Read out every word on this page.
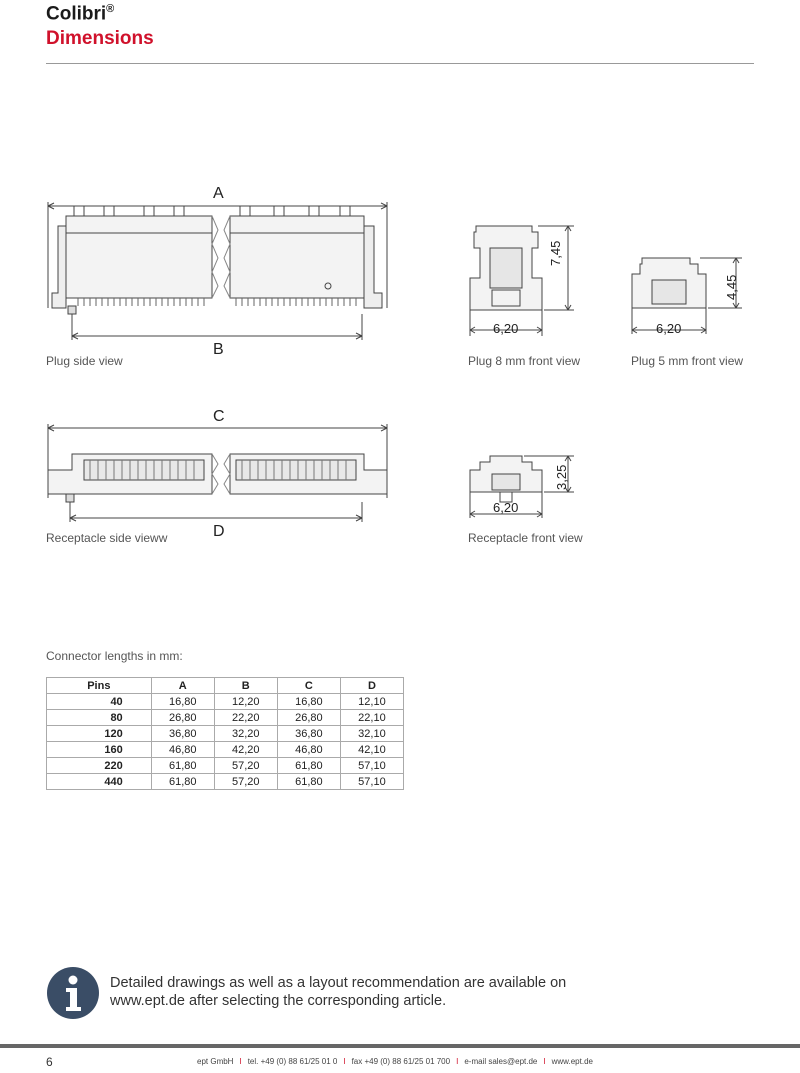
Colibri®
Dimensions
A
B
Plug side view
6,20
7,45
Plug 8 mm front view
6,20
4,45
Plug 5 mm front view
C
D
Receptacle side vieww
6,20
3,25
Receptacle front view
Connector lengths in mm:
Pins	A	B	C	D
40	16,80	12,20	16,80	12,10
80	26,80	22,20	26,80	22,10
120	36,80	32,20	36,80	32,10
160	46,80	42,20	46,80	42,10
220	61,80	57,20	61,80	57,10
440	61,80	57,20	61,80	57,10
Detailed drawings as well as a layout recommendation are available on www.ept.de after selecting the corresponding article.
6	ept GmbH I tel. +49 (0) 88 61/25 01 0 I fax +49 (0) 88 61/25 01 700 I e-mail sales@ept.de I www.ept.de
